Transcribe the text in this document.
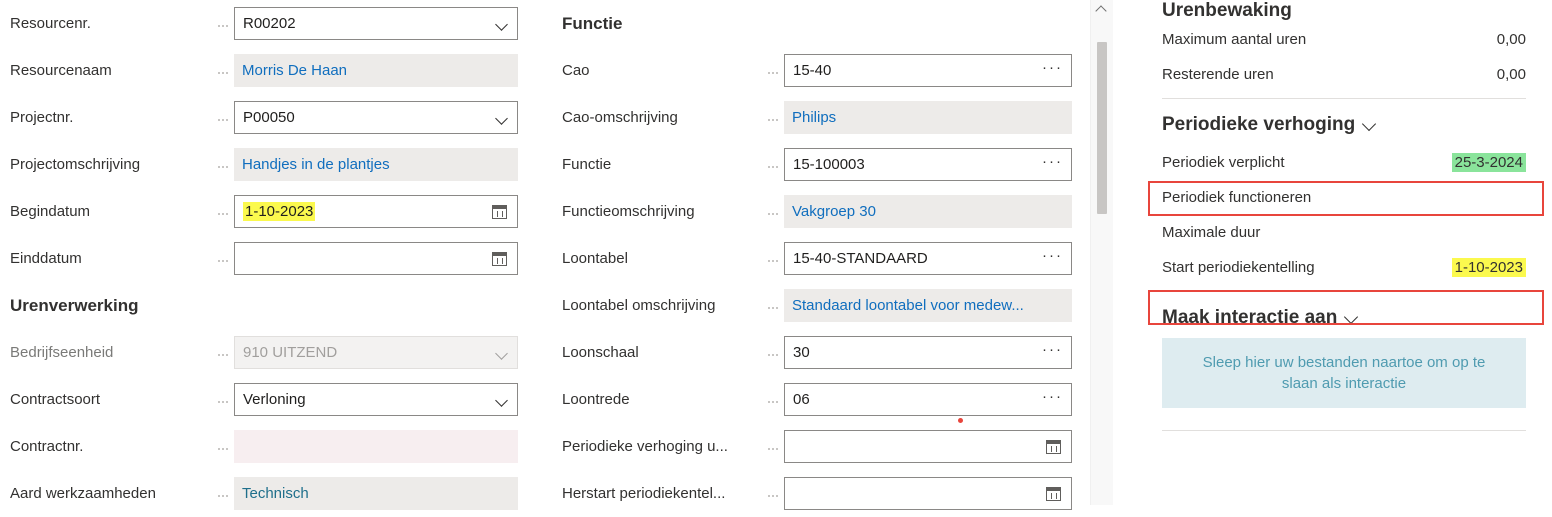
Resourcenr.	R00202
Resourcenaam	Morris De Haan
Projectnr.	P00050
Projectomschrijving	Handjes in de plantjes
Begindatum	1-10-2023
Einddatum
Urenverwerking
Bedrijfseenheid	910 UITZEND
Contractsoort	Verloning
Contractnr.
Aard werkzaamheden	Technisch
Functie
Cao	15-40	···
Cao-omschrijving	Philips
Functie	15-100003	···
Functieomschrijving	Vakgroep 30
Loontabel	15-40-STANDAARD	···
Loontabel omschrijving	Standaard loontabel voor medew...
Loonschaal	30	···
Loontrede	06	···
Periodieke verhoging u...
Herstart periodiekentel...
Urenbewaking
Maximum aantal uren	0,00
Resterende uren	0,00
Periodieke verhoging
Periodiek verplicht	25-3-2024
Periodiek functioneren
Maximale duur
Start periodiekentelling	1-10-2023
Maak interactie aan
Sleep hier uw bestanden naartoe om op te slaan als interactie
